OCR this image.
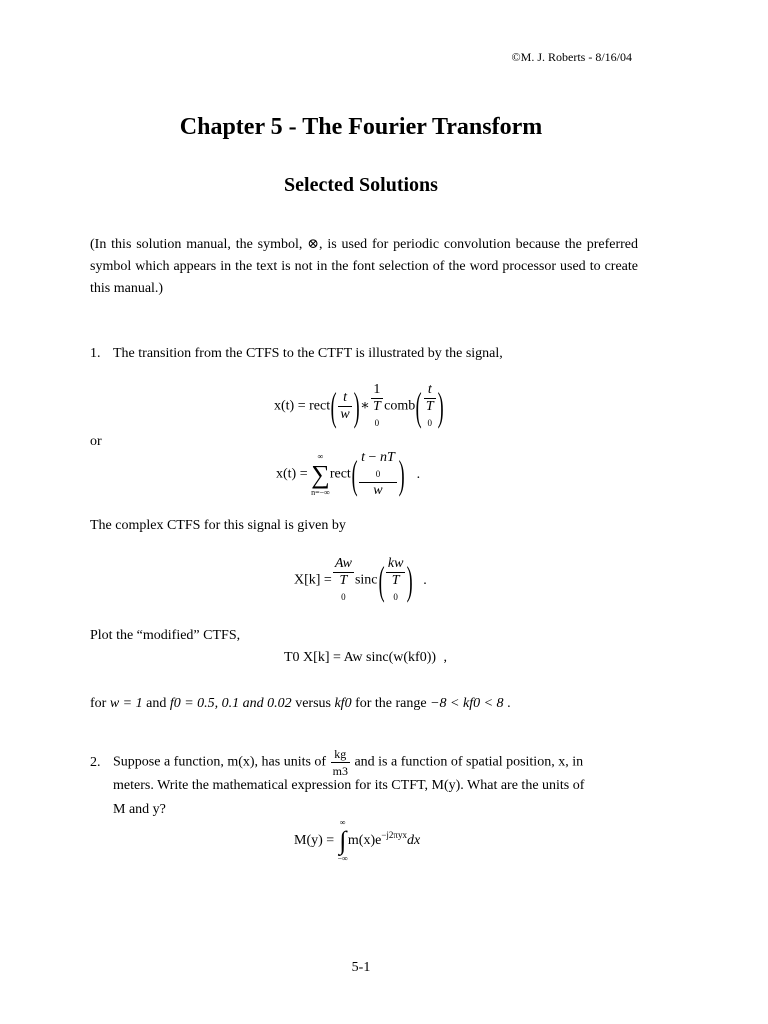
©M. J. Roberts - 8/16/04
Chapter 5 - The Fourier Transform
Selected Solutions
(In this solution manual, the symbol, ⊗, is used for periodic convolution because the preferred symbol which appears in the text is not in the font selection of the word processor used to create this manual.)
1. The transition from the CTFS to the CTFT is illustrated by the signal,
x(t) = rect( $\frac{t}{w}$ )∗ 1
T
0 comb( t
T
0 )
or
x(t) =
∞
∑
n=−∞
rect( t − nT
0
w ) .
The complex CTFS for this signal is given by
X[k] = Aw
T
0 sinc( kw
T
0 ) .
Plot the “modified” CTFS,
T0 X[k] = Aw sinc(w(kf0)) ,
for w = 1 and f0 = 0.5, 0.1 and 0.02 versus kf0 for the range −8 < kf0 < 8 .
2. Suppose a function, m(x), has units of $\frac{kg}{m3}$ and is a function of spatial position, x, in
meters. Write the mathematical expression for its CTFT, M(y). What are the units of
M and y?
M(y) =
∞
∫
−∞
$m(x)e^{-j2\pi yx}dx$
5-1
